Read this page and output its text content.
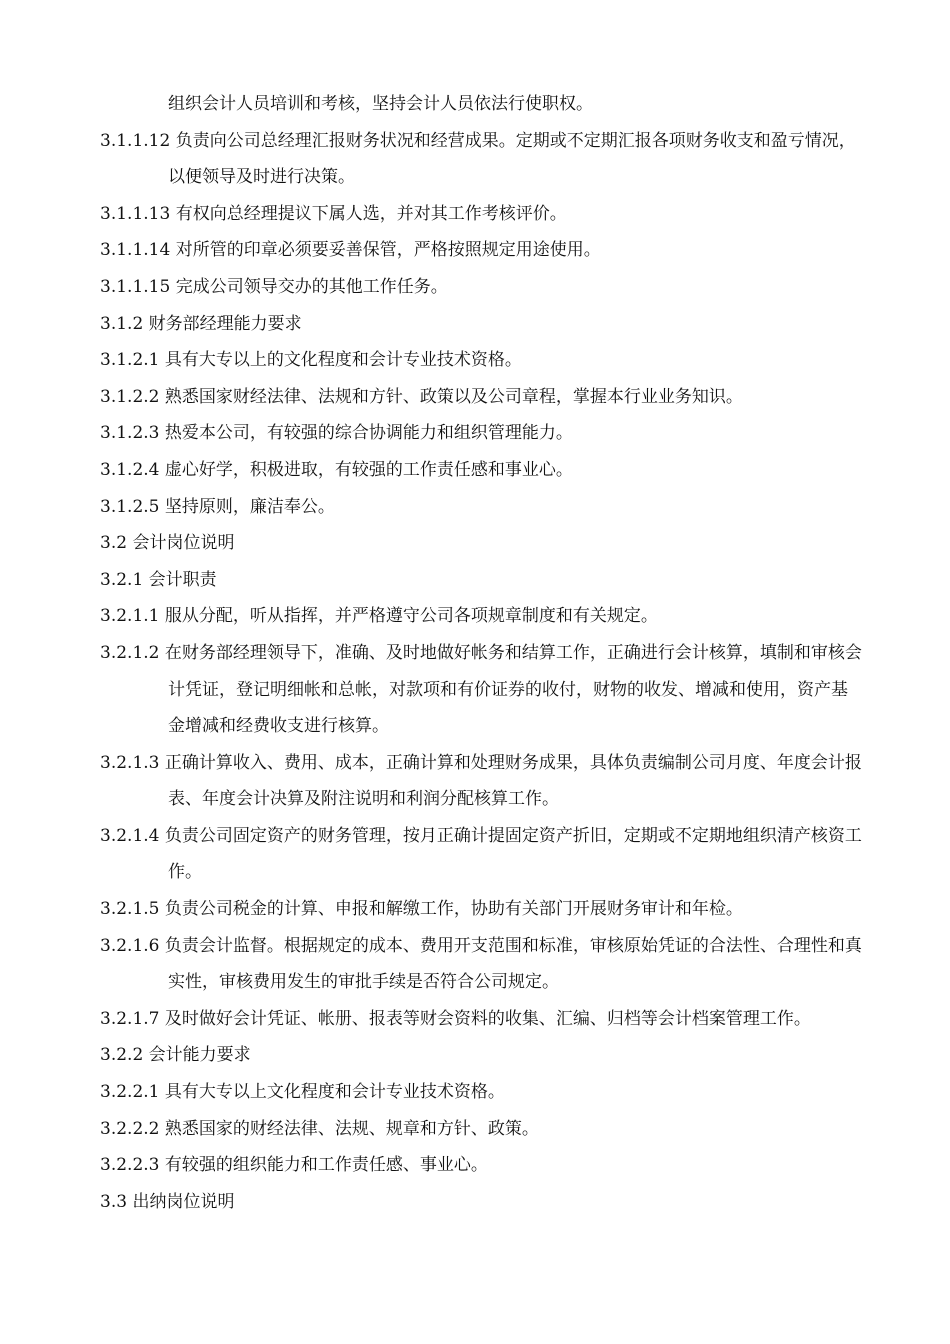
组织会计人员培训和考核，坚持会计人员依法行使职权。

3.1.1.12 负责向公司总经理汇报财务状况和经营成果。定期或不定期汇报各项财务收支和盈亏情况，以便领导及时进行决策。

3.1.1.13 有权向总经理提议下属人选，并对其工作考核评价。

3.1.1.14 对所管的印章必须要妥善保管，严格按照规定用途使用。

3.1.1.15 完成公司领导交办的其他工作任务。

3.1.2 财务部经理能力要求

3.1.2.1 具有大专以上的文化程度和会计专业技术资格。

3.1.2.2 熟悉国家财经法律、法规和方针、政策以及公司章程，掌握本行业业务知识。

3.1.2.3 热爱本公司，有较强的综合协调能力和组织管理能力。

3.1.2.4 虚心好学，积极进取，有较强的工作责任感和事业心。

3.1.2.5 坚持原则，廉洁奉公。

3.2 会计岗位说明

3.2.1 会计职责

3.2.1.1 服从分配，听从指挥，并严格遵守公司各项规章制度和有关规定。

3.2.1.2 在财务部经理领导下，准确、及时地做好帐务和结算工作，正确进行会计核算，填制和审核会计凭证，登记明细帐和总帐，对款项和有价证券的收付，财物的收发、增减和使用，资产基金增减和经费收支进行核算。

3.2.1.3 正确计算收入、费用、成本，正确计算和处理财务成果，具体负责编制公司月度、年度会计报表、年度会计决算及附注说明和利润分配核算工作。

3.2.1.4 负责公司固定资产的财务管理，按月正确计提固定资产折旧，定期或不定期地组织清产核资工作。

3.2.1.5 负责公司税金的计算、申报和解缴工作，协助有关部门开展财务审计和年检。

3.2.1.6 负责会计监督。根据规定的成本、费用开支范围和标准，审核原始凭证的合法性、合理性和真实性，审核费用发生的审批手续是否符合公司规定。

3.2.1.7 及时做好会计凭证、帐册、报表等财会资料的收集、汇编、归档等会计档案管理工作。

3.2.2 会计能力要求

3.2.2.1 具有大专以上文化程度和会计专业技术资格。

3.2.2.2 熟悉国家的财经法律、法规、规章和方针、政策。

3.2.2.3 有较强的组织能力和工作责任感、事业心。

3.3 出纳岗位说明
